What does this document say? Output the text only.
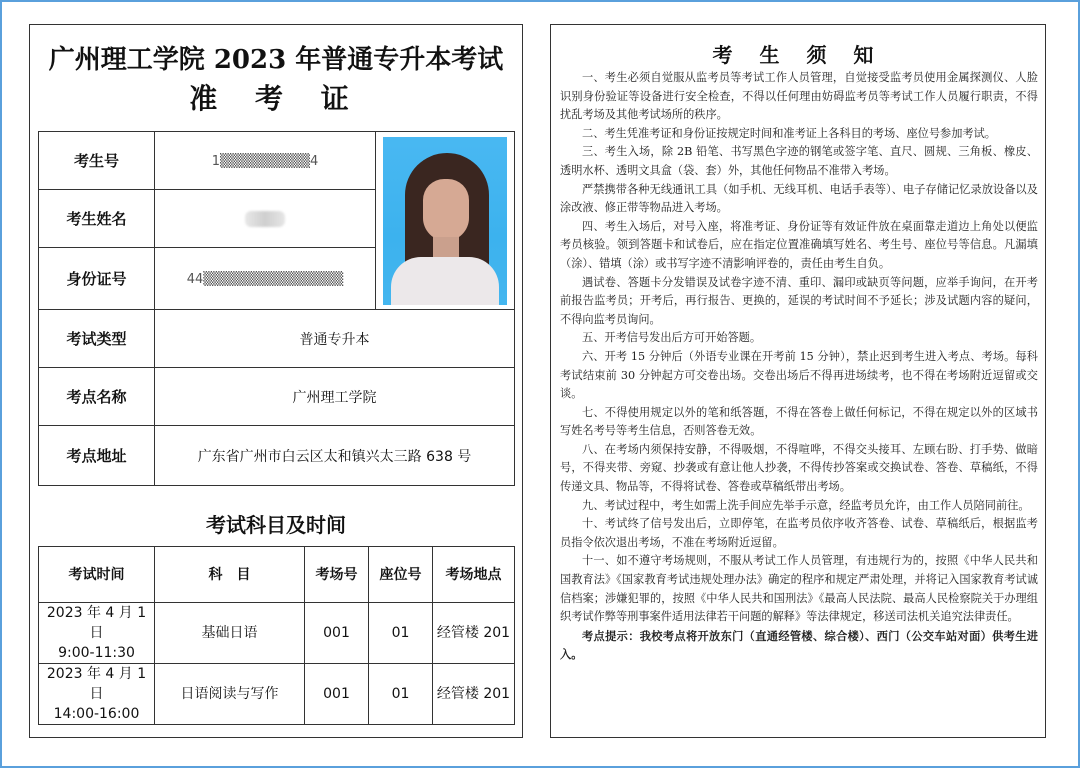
广州理工学院 2023 年普通专升本考试
准 考 证
考生号	1▒▒▒▒▒▒▒▒▒4	

考生姓名		
身份证号	44▒▒▒▒▒▒▒▒▒▒▒▒▒▒	
考试类型	普通专升本	
考点名称	广州理工学院	
考点地址	广东省广州市白云区太和镇兴太三路 638 号	
考试科目及时间
考试时间	科　目	考场号	座位号	考场地点

2023 年 4 月 1 日
9:00-11:30	基础日语	001	01	经管楼 201

2023 年 4 月 1 日
14:00-16:00	日语阅读与写作	001	01	经管楼 201
考 生 须 知

一、考生必须自觉服从监考员等考试工作人员管理，自觉接受监考员使用金属探测仪、人脸识别身份验证等设备进行安全检查，不得以任何理由妨碍监考员等考试工作人员履行职责，不得扰乱考场及其他考试场所的秩序。

二、考生凭准考证和身份证按规定时间和准考证上各科目的考场、座位号参加考试。

三、考生入场，除 2B 铅笔、书写黑色字迹的钢笔或签字笔、直尺、圆规、三角板、橡皮、透明水杯、透明文具盒（袋、套）外，其他任何物品不准带入考场。

严禁携带各种无线通讯工具（如手机、无线耳机、电话手表等）、电子存储记忆录放设备以及涂改液、修正带等物品进入考场。

四、考生入场后，对号入座，将准考证、身份证等有效证件放在桌面靠走道边上角处以便监考员核验。领到答题卡和试卷后，应在指定位置准确填写姓名、考生号、座位号等信息。凡漏填（涂）、错填（涂）或书写字迹不清影响评卷的，责任由考生自负。

遇试卷、答题卡分发错误及试卷字迹不清、重印、漏印或缺页等问题，应举手询问，在开考前报告监考员；开考后，再行报告、更换的，延误的考试时间不予延长；涉及试题内容的疑问，不得向监考员询问。

五、开考信号发出后方可开始答题。

六、开考 15 分钟后（外语专业课在开考前 15 分钟），禁止迟到考生进入考点、考场。每科考试结束前 30 分钟起方可交卷出场。交卷出场后不得再进场续考，也不得在考场附近逗留或交谈。

七、不得使用规定以外的笔和纸答题，不得在答卷上做任何标记，不得在规定以外的区域书写姓名考号等考生信息，否则答卷无效。

八、在考场内须保持安静，不得吸烟，不得喧哗，不得交头接耳、左顾右盼、打手势、做暗号，不得夹带、旁窥、抄袭或有意让他人抄袭，不得传抄答案或交换试卷、答卷、草稿纸，不得传递文具、物品等，不得将试卷、答卷或草稿纸带出考场。

九、考试过程中，考生如需上洗手间应先举手示意，经监考员允许，由工作人员陪同前往。

十、考试终了信号发出后，立即停笔，在监考员依序收齐答卷、试卷、草稿纸后，根据监考员指令依次退出考场，不准在考场附近逗留。

十一、如不遵守考场规则，不服从考试工作人员管理，有违规行为的，按照《中华人民共和国教育法》《国家教育考试违规处理办法》确定的程序和规定严肃处理，并将记入国家教育考试诚信档案；涉嫌犯罪的，按照《中华人民共和国刑法》《最高人民法院、最高人民检察院关于办理组织考试作弊等刑事案件适用法律若干问题的解释》等法律规定，移送司法机关追究法律责任。

考点提示：我校考点将开放东门（直通经管楼、综合楼）、西门（公交车站对面）供考生进入。
